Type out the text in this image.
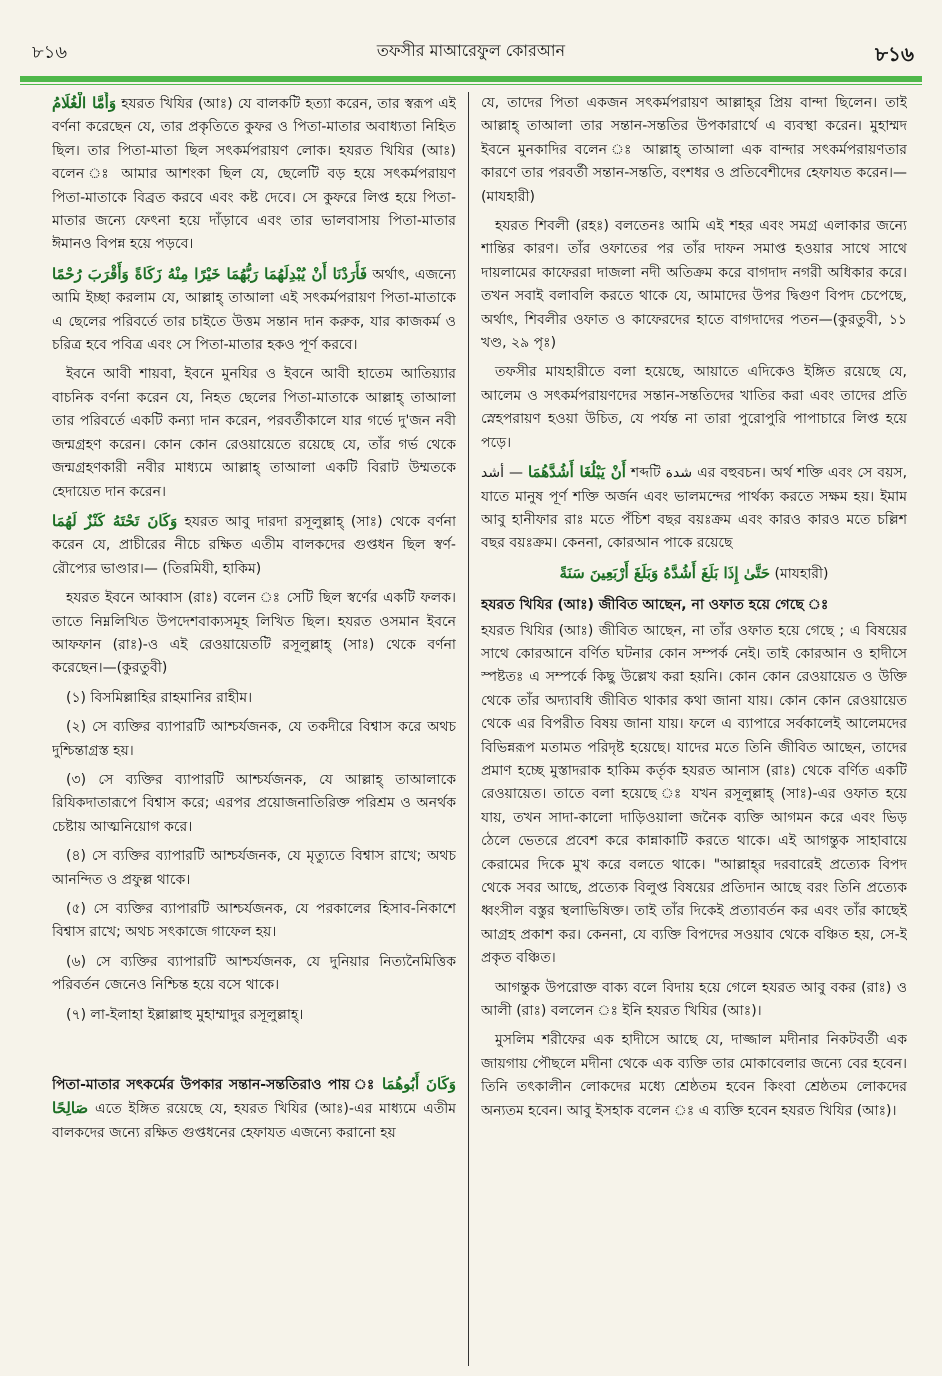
৮১৬	তফসীর মাআরেফুল কোরআন	৮১৬

وَأَمَّا الْغُلَامُ হযরত খিযির (আঃ) যে বালকটি হত্যা করেন, তার স্বরূপ এই বর্ণনা করেছেন যে, তার প্রকৃতিতে কুফর ও পিতা-মাতার অবাধ্যতা নিহিত ছিল। তার পিতা-মাতা ছিল সৎকর্মপরায়ণ লোক। হযরত খিযির (আঃ) বলেন ঃ আমার আশংকা ছিল যে, ছেলেটি বড় হয়ে সৎকর্মপরায়ণ পিতা-মাতাকে বিব্রত করবে এবং কষ্ট দেবে। সে কুফরে লিপ্ত হয়ে পিতা-মাতার জন্যে ফেৎনা হয়ে দাঁড়াবে এবং তার ভালবাসায় পিতা-মাতার ঈমানও বিপন্ন হয়ে পড়বে।

فَأَرَدْنَا أَنْ يُبْدِلَهُمَا رَبُّهُمَا خَيْرًا مِنْهُ زَكَاةً وَأَقْرَبَ رُحْمًا অর্থাৎ, এজন্যে আমি ইচ্ছা করলাম যে, আল্লাহ্ তাআলা এই সৎকর্মপরায়ণ পিতা-মাতাকে এ ছেলের পরিবর্তে তার চাইতে উত্তম সন্তান দান করুক, যার কাজকর্ম ও চরিত্র হবে পবিত্র এবং সে পিতা-মাতার হকও পূর্ণ করবে।

ইবনে আবী শায়বা, ইবনে মুনযির ও ইবনে আবী হাতেম আতিয়্যার বাচনিক বর্ণনা করেন যে, নিহত ছেলের পিতা-মাতাকে আল্লাহ্ তাআলা তার পরিবর্তে একটি কন্যা দান করেন, পরবর্তীকালে যার গর্ভে দু'জন নবী জন্মগ্রহণ করেন। কোন কোন রেওয়ায়েতে রয়েছে যে, তাঁর গর্ভ থেকে জন্মগ্রহণকারী নবীর মাধ্যমে আল্লাহ্ তাআলা একটি বিরাট উম্মতকে হেদায়েত দান করেন।

وَكَانَ تَحْتَهُ كَنْزٌ لَهُمَا হযরত আবু দারদা রসূলুল্লাহ্ (সাঃ) থেকে বর্ণনা করেন যে, প্রাচীরের নীচে রক্ষিত এতীম বালকদের গুপ্তধন ছিল স্বর্ণ-রৌপ্যের ভাণ্ডার।— (তিরমিযী, হাকিম)

হযরত ইবনে আব্বাস (রাঃ) বলেন ঃ সেটি ছিল স্বর্ণের একটি ফলক। তাতে নিম্নলিখিত উপদেশবাক্যসমূহ লিখিত ছিল। হযরত ওসমান ইবনে আফফান (রাঃ)-ও এই রেওয়ায়েতটি রসূলুল্লাহ্ (সাঃ) থেকে বর্ণনা করেছেন।—(কুরতুবী)

(১) বিসমিল্লাহির রাহমানির রাহীম।

(২) সে ব্যক্তির ব্যাপারটি আশ্চর্যজনক, যে তকদীরে বিশ্বাস করে অথচ দুশ্চিন্তাগ্রস্ত হয়।

(৩) সে ব্যক্তির ব্যাপারটি আশ্চর্যজনক, যে আল্লাহ্ তাআলাকে রিযিকদাতারূপে বিশ্বাস করে; এরপর প্রয়োজনাতিরিক্ত পরিশ্রম ও অনর্থক চেষ্টায় আত্মনিয়োগ করে।

(৪) সে ব্যক্তির ব্যাপারটি আশ্চর্যজনক, যে মৃত্যুতে বিশ্বাস রাখে; অথচ আনন্দিত ও প্রফুল্ল থাকে।

(৫) সে ব্যক্তির ব্যাপারটি আশ্চর্যজনক, যে পরকালের হিসাব-নিকাশে বিশ্বাস রাখে; অথচ সৎকাজে গাফেল হয়।

(৬) সে ব্যক্তির ব্যাপারটি আশ্চর্যজনক, যে দুনিয়ার নিত্যনৈমিত্তিক পরিবর্তন জেনেও নিশ্চিন্ত হয়ে বসে থাকে।

(৭) লা-ইলাহা ইল্লাল্লাহু মুহাম্মাদুর রসূলুল্লাহ্।

পিতা-মাতার সৎকর্মের উপকার সন্তান-সন্ততিরাও পায় ঃ وَكَانَ أَبُوهُمَا صَالِحًا এতে ইঙ্গিত রয়েছে যে, হযরত খিযির (আঃ)-এর মাধ্যমে এতীম বালকদের জন্যে রক্ষিত গুপ্তধনের হেফাযত এজন্যে করানো হয়

যে, তাদের পিতা একজন সৎকর্মপরায়ণ আল্লাহ্‌র প্রিয় বান্দা ছিলেন। তাই আল্লাহ্ তাআলা তার সন্তান-সন্ততির উপকারার্থে এ ব্যবস্থা করেন। মুহাম্মদ ইবনে মুনকাদির বলেন ঃ আল্লাহ্ তাআলা এক বান্দার সৎকর্মপরায়ণতার কারণে তার পরবর্তী সন্তান-সন্ততি, বংশধর ও প্রতিবেশীদের হেফাযত করেন।—(মাযহারী)

হযরত শিবলী (রহঃ) বলতেনঃ আমি এই শহর এবং সমগ্র এলাকার জন্যে শান্তির কারণ। তাঁর ওফাতের পর তাঁর দাফন সমাপ্ত হওয়ার সাথে সাথে দায়লামের কাফেররা দাজলা নদী অতিক্রম করে বাগদাদ নগরী অধিকার করে। তখন সবাই বলাবলি করতে থাকে যে, আমাদের উপর দ্বিগুণ বিপদ চেপেছে, অর্থাৎ, শিবলীর ওফাত ও কাফেরদের হাতে বাগদাদের পতন—(কুরতুবী, ১১ খণ্ড, ২৯ পৃঃ)

তফসীর মাযহারীতে বলা হয়েছে, আয়াতে এদিকেও ইঙ্গিত রয়েছে যে, আলেম ও সৎকর্মপরায়ণদের সন্তান-সন্ততিদের খাতির করা এবং তাদের প্রতি স্নেহপরায়ণ হওয়া উচিত, যে পর্যন্ত না তারা পুরোপুরি পাপাচারে লিপ্ত হয়ে পড়ে।

أَنْ يَبْلُغَا أَشُدَّهُمَا — أشد শব্দটি شدة এর বহুবচন। অর্থ শক্তি এবং সে বয়স, যাতে মানুষ পূর্ণ শক্তি অর্জন এবং ভালমন্দের পার্থক্য করতে সক্ষম হয়। ইমাম আবু হানীফার রাঃ মতে পঁচিশ বছর বয়ঃক্রম এবং কারও কারও মতে চল্লিশ বছর বয়ঃক্রম। কেননা, কোরআন পাকে রয়েছে

حَتَّىٰ إِذَا بَلَغَ أَشُدَّهُ وَبَلَغَ أَرْبَعِينَ سَنَةً (মাযহারী)

হযরত খিযির (আঃ) জীবিত আছেন, না ওফাত হয়ে গেছে ঃ

হযরত খিযির (আঃ) জীবিত আছেন, না তাঁর ওফাত হয়ে গেছে ; এ বিষয়ের সাথে কোরআনে বর্ণিত ঘটনার কোন সম্পর্ক নেই। তাই কোরআন ও হাদীসে স্পষ্টতঃ এ সম্পর্কে কিছু উল্লেখ করা হয়নি। কোন কোন রেওয়ায়েত ও উক্তি থেকে তাঁর অদ্যাবধি জীবিত থাকার কথা জানা যায়। কোন কোন রেওয়ায়েত থেকে এর বিপরীত বিষয় জানা যায়। ফলে এ ব্যাপারে সর্বকালেই আলেমদের বিভিন্নরূপ মতামত পরিদৃষ্ট হয়েছে। যাদের মতে তিনি জীবিত আছেন, তাদের প্রমাণ হচ্ছে মুস্তাদরাক হাকিম কর্তৃক হযরত আনাস (রাঃ) থেকে বর্ণিত একটি রেওয়ায়েত। তাতে বলা হয়েছে ঃ যখন রসূলুল্লাহ্ (সাঃ)-এর ওফাত হয়ে যায়, তখন সাদা-কালো দাড়িওয়ালা জনৈক ব্যক্তি আগমন করে এবং ভিড় ঠেলে ভেতরে প্রবেশ করে কান্নাকাটি করতে থাকে। এই আগন্তুক সাহাবায়ে কেরামের দিকে মুখ করে বলতে থাকে। "আল্লাহ্‌র দরবারেই প্রত্যেক বিপদ থেকে সবর আছে, প্রত্যেক বিলুপ্ত বিষয়ের প্রতিদান আছে বরং তিনি প্রত্যেক ধ্বংসীল বস্তুর স্থলাভিষিক্ত। তাই তাঁর দিকেই প্রত্যাবর্তন কর এবং তাঁর কাছেই আগ্রহ প্রকাশ কর। কেননা, যে ব্যক্তি বিপদের সওয়াব থেকে বঞ্চিত হয়, সে-ই প্রকৃত বঞ্চিত।

আগন্তুক উপরোক্ত বাক্য বলে বিদায় হয়ে গেলে হযরত আবু বকর (রাঃ) ও আলী (রাঃ) বললেন ঃ ইনি হযরত খিযির (আঃ)।

মুসলিম শরীফের এক হাদীসে আছে যে, দাজ্জাল মদীনার নিকটবর্তী এক জায়গায় পৌছলে মদীনা থেকে এক ব্যক্তি তার মোকাবেলার জন্যে বের হবেন। তিনি তৎকালীন লোকদের মধ্যে শ্রেষ্ঠতম হবেন কিংবা শ্রেষ্ঠতম লোকদের অন্যতম হবেন। আবু ইসহাক বলেন ঃ এ ব্যক্তি হবেন হযরত খিযির (আঃ)।
